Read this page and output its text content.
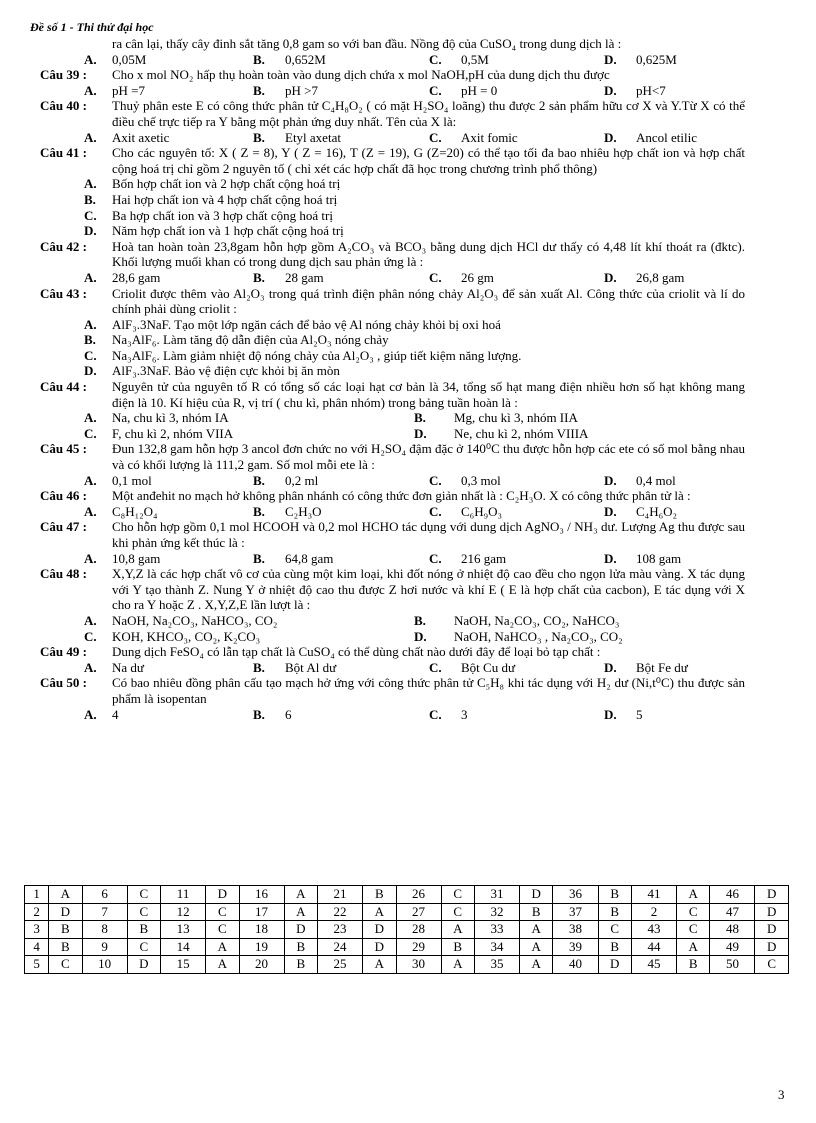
Đề số 1 - Thi thử đại học
ra cân lại, thấy cây đinh sắt tăng 0,8 gam so với ban đầu. Nồng độ của CuSO₄ trong dung dịch là :
A. 0,05M	B. 0,652M	C. 0,5M	D. 0,625M
Câu 39 :	Cho x mol NO₂ hấp thụ hoàn toàn vào dung dịch chứa x mol NaOH,pH của dung dịch thu được
A. pH =7	B. pH >7	C. pH = 0	D. pH<7
Câu 40 :	Thuỷ phân este E có công thức phân tử C₄H₈O₂ ( có mặt H₂SO₄ loãng) thu được 2 sản phẩm hữu cơ X và Y.Từ X có thể điều chế trực tiếp ra Y bằng một phản ứng duy nhất. Tên của X là:
A. Axit axetic	B. Etyl axetat	C. Axit fomic	D. Ancol etilic
Câu 41 :	Cho các nguyên tố: X ( Z = 8), Y ( Z = 16), T (Z = 19), G (Z=20) có thể tạo tối đa bao nhiêu hợp chất ion và hợp chất cộng hoá trị chỉ gồm 2 nguyên tố ( chỉ xét các hợp chất đã học trong chương trình phổ thông)
A. Bốn hợp chất ion và 2 hợp chất cộng hoá trị
B. Hai hợp chất ion và 4 hợp chất cộng hoá trị
C. Ba hợp chất ion và 3 hợp chất cộng hoá trị
D. Năm hợp chất ion và 1 hợp chất cộng hoá trị
Câu 42 :	Hoà tan hoàn toàn 23,8gam hỗn hợp gồm A₂CO₃ và BCO₃ bằng dung dịch HCl dư thấy có 4,48 lít khí thoát ra (đktc). Khối lượng muối khan có trong dung dịch sau phản ứng là :
A. 28,6 gam	B. 28 gam	C. 26 gm	D. 26,8 gam
Câu 43 :	Criolit được thêm vào Al₂O₃ trong quá trình điện phân nóng chảy Al₂O₃ để sản xuất Al. Công thức của criolit và lí do chính phải dùng criolit :
A. AlF₃.3NaF. Tạo một lớp ngăn cách để bảo vệ Al nóng chảy khỏi bị oxi hoá
B. Na₃AlF₆. Làm tăng độ dẫn điện của Al₂O₃ nóng chảy
C. Na₃AlF₆. Làm giảm nhiệt độ nóng chảy của Al₂O₃ , giúp tiết kiệm năng lượng.
D. AlF₃.3NaF. Bảo vệ điện cực khỏi bị ăn mòn
Câu 44 :	Nguyên tử của nguyên tố R có tổng số các loại hạt cơ bản là 34, tổng số hạt mang điện nhiều hơn số hạt không mang điện là 10. Kí hiệu của R, vị trí ( chu kì, phân nhóm) trong bảng tuần hoàn là :
A. Na, chu kì 3, nhóm IA	B. Mg, chu kì 3, nhóm IIA
C. F, chu kì 2, nhóm VIIA	D. Ne, chu kì 2, nhóm VIIIA
Câu 45 :	Đun 132,8 gam hỗn hợp 3 ancol đơn chức no với H₂SO₄ đậm đặc ở 140⁰C thu được hỗn hợp các ete có số mol bằng nhau và có khối lượng là 111,2 gam. Số mol mỗi ete là :
A. 0,1 mol	B. 0,2 ml	C. 0,3 mol	D. 0,4 mol
Câu 46 :	Một anđehit no mạch hở không phân nhánh có công thức đơn giản nhất là : C₂H₃O. X có công thức phân tử là :
A. C₈H₁₂O₄	B. C₂H₃O	C. C₆H₉O₃	D. C₄H₆O₂
Câu 47 :	Cho hỗn hợp gồm 0,1 mol HCOOH và 0,2 mol HCHO tác dụng với dung dịch AgNO₃ / NH₃ dư. Lượng Ag thu được sau khi phản ứng kết thúc là :
A. 10,8 gam	B. 64,8 gam	C. 216 gam	D. 108 gam
Câu 48 :	X,Y,Z là các hợp chất vô cơ của cùng một kim loại, khi đốt nóng ở nhiệt độ cao đều cho ngọn lửa màu vàng. X tác dụng với Y tạo thành Z. Nung Y ở nhiệt độ cao thu được Z hơi nước và khí E ( E là hợp chất của cacbon), E tác dụng với X cho ra Y hoặc Z . X,Y,Z,E lần lượt là :
A. NaOH, Na₂CO₃, NaHCO₃, CO₂	B. NaOH, Na₂CO₃, CO₂, NaHCO₃
C. KOH, KHCO₃, CO₂, K₂CO₃	D. NaOH, NaHCO₃ , Na₂CO₃, CO₂
Câu 49 :	Dung dịch FeSO₄ có lẫn tạp chất là CuSO₄ có thể dùng chất nào dưới đây để loại bỏ tạp chất :
A. Na dư	B. Bột Al dư	C. Bột Cu dư	D. Bột Fe dư
Câu 50 :	Có bao nhiêu đồng phân cấu tạo mạch hở ứng với công thức phân tử C₅H₈ khi tác dụng với H₂ dư (Ni,t⁰C) thu được sản phẩm là isopentan
A. 4	B. 6	C. 3	D. 5
1	A	6	C	11	D	16	A	21	B	26	C	31	D	36	B	41	A	46	D
2	D	7	C	12	C	17	A	22	A	27	C	32	B	37	B	2	C	47	D
3	B	8	B	13	C	18	D	23	D	28	A	33	A	38	C	43	C	48	D
4	B	9	C	14	A	19	B	24	D	29	B	34	A	39	B	44	A	49	D
5	C	10	D	15	A	20	B	25	A	30	A	35	A	40	D	45	B	50	C
3
